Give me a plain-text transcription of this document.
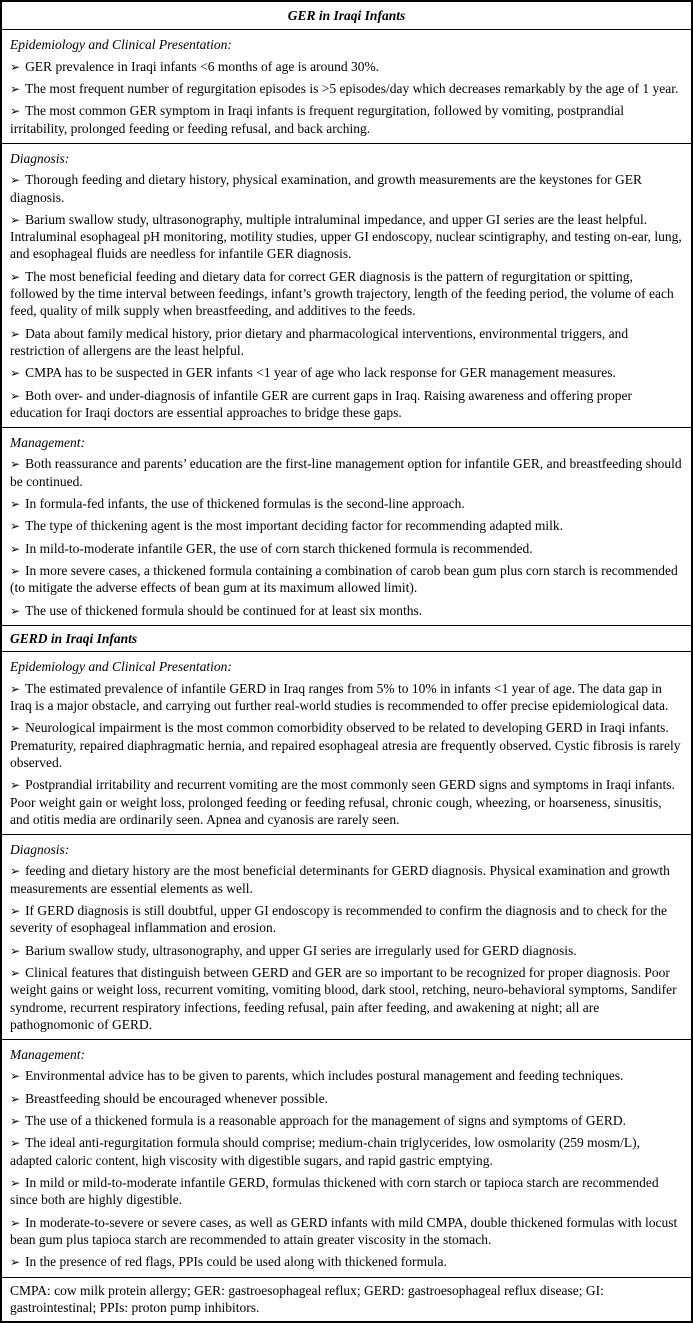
GER in Iraqi Infants
Epidemiology and Clinical Presentation:
➢ GER prevalence in Iraqi infants <6 months of age is around 30%.
➢ The most frequent number of regurgitation episodes is >5 episodes/day which decreases remarkably by the age of 1 year.
➢ The most common GER symptom in Iraqi infants is frequent regurgitation, followed by vomiting, postprandial irritability, prolonged feeding or feeding refusal, and back arching.
Diagnosis:
➢ Thorough feeding and dietary history, physical examination, and growth measurements are the keystones for GER diagnosis.
➢ Barium swallow study, ultrasonography, multiple intraluminal impedance, and upper GI series are the least helpful. Intraluminal esophageal pH monitoring, motility studies, upper GI endoscopy, nuclear scintigraphy, and testing on-ear, lung, and esophageal fluids are needless for infantile GER diagnosis.
➢ The most beneficial feeding and dietary data for correct GER diagnosis is the pattern of regurgitation or spitting, followed by the time interval between feedings, infant’s growth trajectory, length of the feeding period, the volume of each feed, quality of milk supply when breastfeeding, and additives to the feeds.
➢ Data about family medical history, prior dietary and pharmacological interventions, environmental triggers, and restriction of allergens are the least helpful.
➢ CMPA has to be suspected in GER infants <1 year of age who lack response for GER management measures.
➢ Both over- and under-diagnosis of infantile GER are current gaps in Iraq. Raising awareness and offering proper education for Iraqi doctors are essential approaches to bridge these gaps.
Management:
➢ Both reassurance and parents’ education are the first-line management option for infantile GER, and breastfeeding should be continued.
➢ In formula-fed infants, the use of thickened formulas is the second-line approach.
➢ The type of thickening agent is the most important deciding factor for recommending adapted milk.
➢ In mild-to-moderate infantile GER, the use of corn starch thickened formula is recommended.
➢ In more severe cases, a thickened formula containing a combination of carob bean gum plus corn starch is recommended (to mitigate the adverse effects of bean gum at its maximum allowed limit).
➢ The use of thickened formula should be continued for at least six months.
GERD in Iraqi Infants
Epidemiology and Clinical Presentation:
➢ The estimated prevalence of infantile GERD in Iraq ranges from 5% to 10% in infants <1 year of age. The data gap in Iraq is a major obstacle, and carrying out further real-world studies is recommended to offer precise epidemiological data.
➢ Neurological impairment is the most common comorbidity observed to be related to developing GERD in Iraqi infants. Prematurity, repaired diaphragmatic hernia, and repaired esophageal atresia are frequently observed. Cystic fibrosis is rarely observed.
➢ Postprandial irritability and recurrent vomiting are the most commonly seen GERD signs and symptoms in Iraqi infants. Poor weight gain or weight loss, prolonged feeding or feeding refusal, chronic cough, wheezing, or hoarseness, sinusitis, and otitis media are ordinarily seen. Apnea and cyanosis are rarely seen.
Diagnosis:
➢ feeding and dietary history are the most beneficial determinants for GERD diagnosis. Physical examination and growth measurements are essential elements as well.
➢ If GERD diagnosis is still doubtful, upper GI endoscopy is recommended to confirm the diagnosis and to check for the severity of esophageal inflammation and erosion.
➢ Barium swallow study, ultrasonography, and upper GI series are irregularly used for GERD diagnosis.
➢ Clinical features that distinguish between GERD and GER are so important to be recognized for proper diagnosis. Poor weight gains or weight loss, recurrent vomiting, vomiting blood, dark stool, retching, neuro-behavioral symptoms, Sandifer syndrome, recurrent respiratory infections, feeding refusal, pain after feeding, and awakening at night; all are pathognomonic of GERD.
Management:
➢ Environmental advice has to be given to parents, which includes postural management and feeding techniques.
➢ Breastfeeding should be encouraged whenever possible.
➢ The use of a thickened formula is a reasonable approach for the management of signs and symptoms of GERD.
➢ The ideal anti-regurgitation formula should comprise; medium-chain triglycerides, low osmolarity (259 mosm/L), adapted caloric content, high viscosity with digestible sugars, and rapid gastric emptying.
➢ In mild or mild-to-moderate infantile GERD, formulas thickened with corn starch or tapioca starch are recommended since both are highly digestible.
➢ In moderate-to-severe or severe cases, as well as GERD infants with mild CMPA, double thickened formulas with locust bean gum plus tapioca starch are recommended to attain greater viscosity in the stomach.
➢ In the presence of red flags, PPIs could be used along with thickened formula.
CMPA: cow milk protein allergy; GER: gastroesophageal reflux; GERD: gastroesophageal reflux disease; GI: gastrointestinal; PPIs: proton pump inhibitors.
